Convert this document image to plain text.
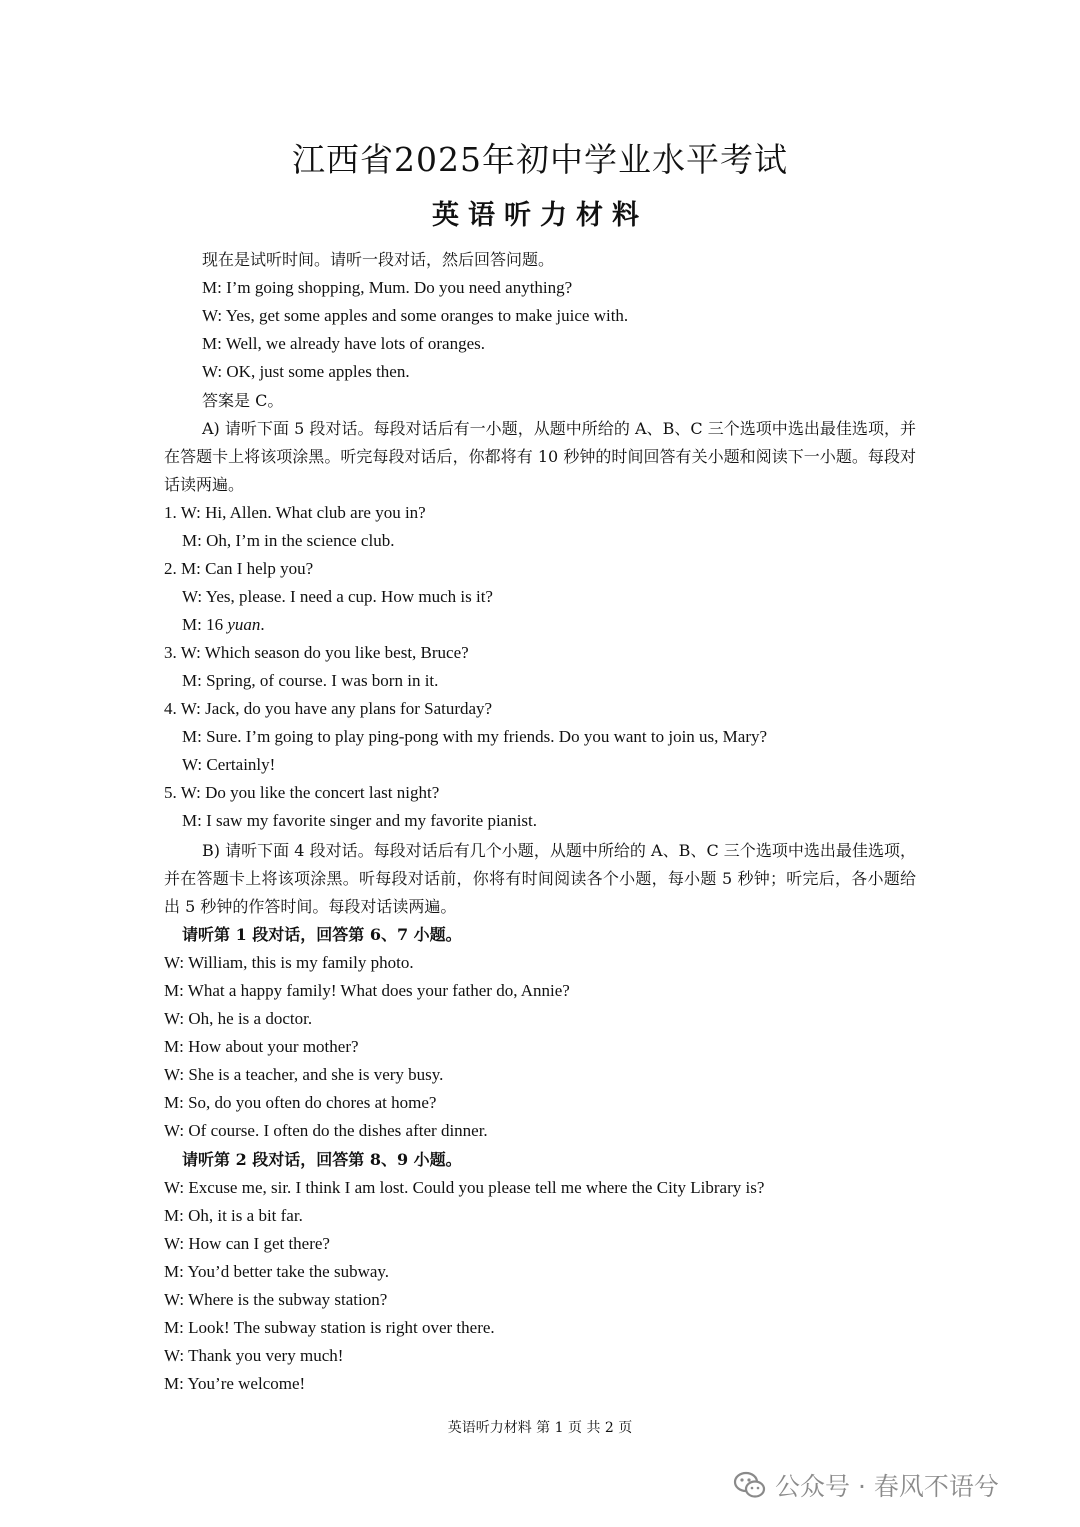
江西省2025年初中学业水平考试
英语听力材料
现在是试听时间。请听一段对话，然后回答问题。
M: I’m going shopping, Mum. Do you need anything?
W: Yes, get some apples and some oranges to make juice with.
M: Well, we already have lots of oranges.
W: OK, just some apples then.
答案是 C。
A) 请听下面 5 段对话。每段对话后有一小题，从题中所给的 A、B、C 三个选项中选出最佳选项，并在答题卡上将该项涂黑。听完每段对话后，你都将有 10 秒钟的时间回答有关小题和阅读下一小题。每段对话读两遍。
1. W: Hi, Allen. What club are you in?
M: Oh, I’m in the science club.
2. M: Can I help you?
W: Yes, please. I need a cup. How much is it?
M: 16 yuan.
3. W: Which season do you like best, Bruce?
M: Spring, of course. I was born in it.
4. W: Jack, do you have any plans for Saturday?
M: Sure. I’m going to play ping-pong with my friends. Do you want to join us, Mary?
W: Certainly!
5. W: Do you like the concert last night?
M: I saw my favorite singer and my favorite pianist.
B) 请听下面 4 段对话。每段对话后有几个小题，从题中所给的 A、B、C 三个选项中选出最佳选项，并在答题卡上将该项涂黑。听每段对话前，你将有时间阅读各个小题，每小题 5 秒钟；听完后，各小题给出 5 秒钟的作答时间。每段对话读两遍。
请听第 1 段对话，回答第 6、7 小题。
W: William, this is my family photo.
M: What a happy family! What does your father do, Annie?
W: Oh, he is a doctor.
M: How about your mother?
W: She is a teacher, and she is very busy.
M: So, do you often do chores at home?
W: Of course. I often do the dishes after dinner.
请听第 2 段对话，回答第 8、9 小题。
W: Excuse me, sir. I think I am lost. Could you please tell me where the City Library is?
M: Oh, it is a bit far.
W: How can I get there?
M: You’d better take the subway.
W: Where is the subway station?
M: Look! The subway station is right over there.
W: Thank you very much!
M: You’re welcome!
英语听力材料 第 1 页 共 2 页
公众号 · 春风不语兮
